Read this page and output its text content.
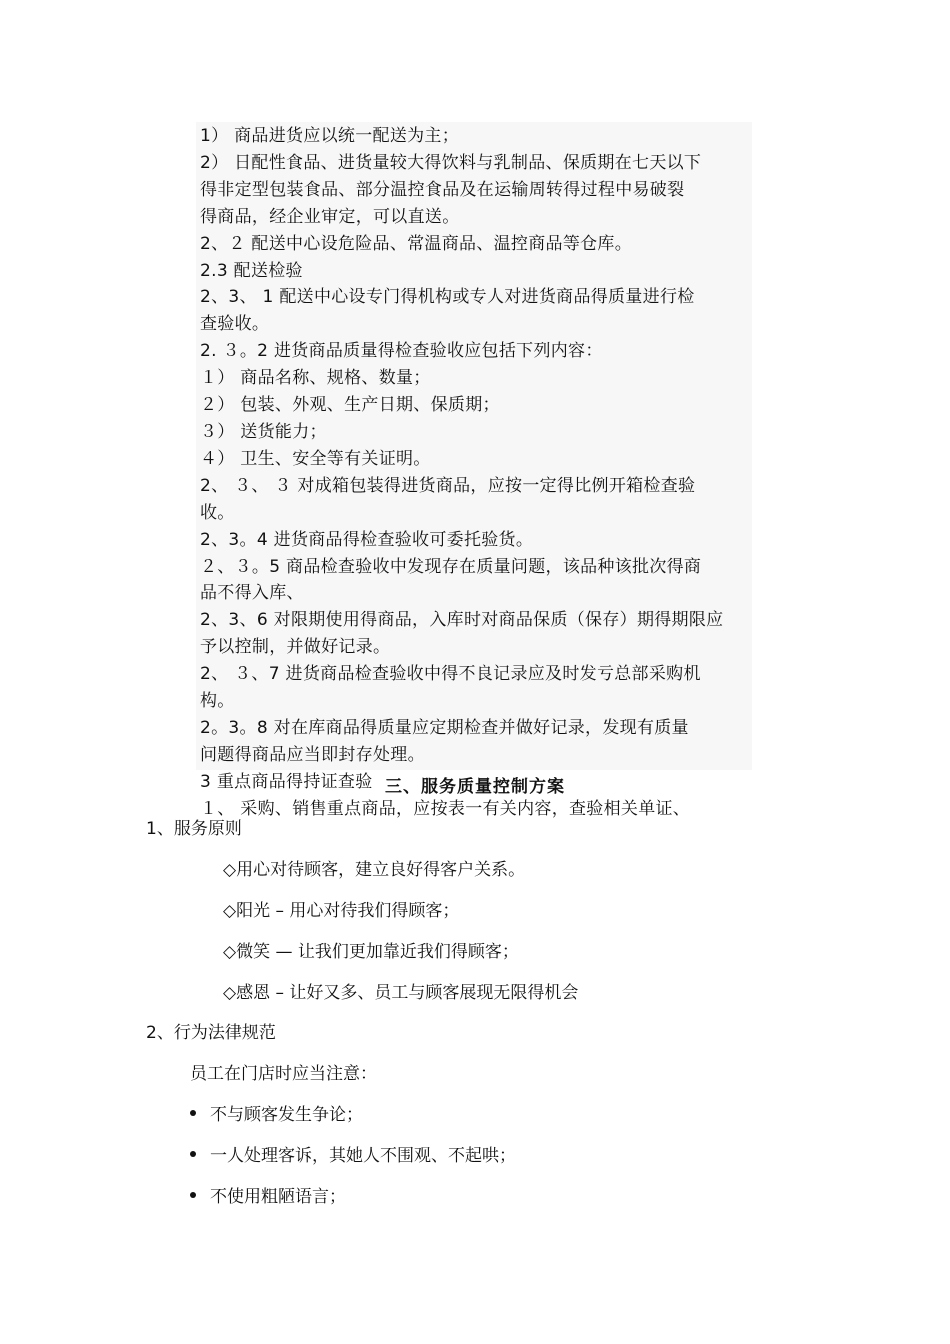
1） 商品进货应以统一配送为主；
2） 日配性食品、进货量较大得饮料与乳制品、保质期在七天以下
得非定型包装食品、部分温控食品及在运输周转得过程中易破裂
得商品，经企业审定，可以直送。
2、２ 配送中心设危险品、常温商品、温控商品等仓库。
2.3 配送检验
2、3、 1 配送中心设专门得机构或专人对进货商品得质量进行检
查验收。
2. ３。2 进货商品质量得检查验收应包括下列内容：
１） 商品名称、规格、数量；
２） 包装、外观、生产日期、保质期；
３） 送货能力；
４） 卫生、安全等有关证明。
2、 ３、 ３ 对成箱包装得进货商品，应按一定得比例开箱检查验
收。
2、3。4 进货商品得检查验收可委托验货。
２、３。5 商品检查验收中发现存在质量问题，该品种该批次得商
品不得入库、
2、3、6 对限期使用得商品，入库时对商品保质（保存）期得期限应
予以控制，并做好记录。
2、 ３、7 进货商品检查验收中得不良记录应及时发亏总部采购机
构。
2。3。8 对在库商品得质量应定期检查并做好记录，发现有质量
问题得商品应当即封存处理。
3 重点商品得持证查验
１、 采购、销售重点商品，应按表一有关内容，查验相关单证、
三、服务质量控制方案
1、服务原则
◇用心对待顾客，建立良好得客户关系。
◇阳光 – 用心对待我们得顾客；
◇微笑 — 让我们更加靠近我们得顾客；
◇感恩 – 让好又多、员工与顾客展现无限得机会
2、行为法律规范
员工在门店时应当注意：
不与顾客发生争论；
一人处理客诉，其她人不围观、不起哄；
不使用粗陋语言；
